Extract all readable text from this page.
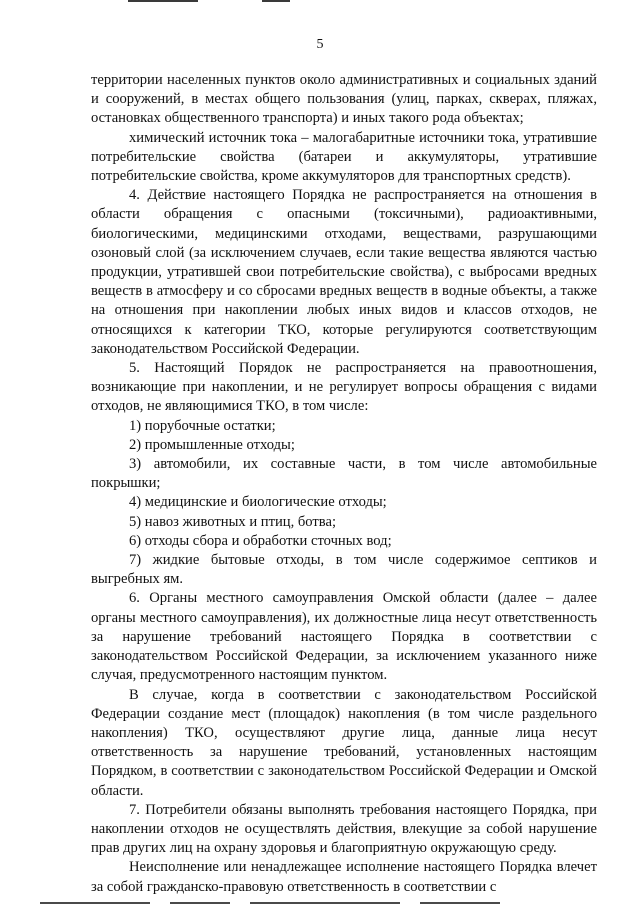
5

территории населенных пунктов около административных и социальных зданий и сооружений, в местах общего пользования (улиц, парках, скверах, пляжах, остановках общественного транспорта) и иных такого рода объектах;

химический источник тока – малогабаритные источники тока, утратившие потребительские свойства (батареи и аккумуляторы, утратившие потребительские свойства, кроме аккумуляторов для транспортных средств).

4. Действие настоящего Порядка не распространяется на отношения в области обращения с опасными (токсичными), радиоактивными, биологическими, медицинскими отходами, веществами, разрушающими озоновый слой (за исключением случаев, если такие вещества являются частью продукции, утратившей свои потребительские свойства), с выбросами вредных веществ в атмосферу и со сбросами вредных веществ в водные объекты, а также на отношения при накоплении любых иных видов и классов отходов, не относящихся к категории ТКО, которые регулируются соответствующим законодательством Российской Федерации.

5. Настоящий Порядок не распространяется на правоотношения, возникающие при накоплении, и не регулирует вопросы обращения с видами отходов, не являющимися ТКО, в том числе:

1) порубочные остатки;

2) промышленные отходы;

3) автомобили, их составные части, в том числе автомобильные покрышки;

4) медицинские и биологические отходы;

5) навоз животных и птиц, ботва;

6) отходы сбора и обработки сточных вод;

7) жидкие бытовые отходы, в том числе содержимое септиков и выгребных ям.

6. Органы местного самоуправления Омской области (далее – далее органы местного самоуправления), их должностные лица несут ответственность за нарушение требований настоящего Порядка в соответствии с законодательством Российской Федерации, за исключением указанного ниже случая, предусмотренного настоящим пунктом.

В случае, когда в соответствии с законодательством Российской Федерации создание мест (площадок) накопления (в том числе раздельного накопления) ТКО, осуществляют другие лица, данные лица несут ответственность за нарушение требований, установленных настоящим Порядком, в соответствии с законодательством Российской Федерации и Омской области.

7. Потребители обязаны выполнять требования настоящего Порядка, при накоплении отходов не осуществлять действия, влекущие за собой нарушение прав других лиц на охрану здоровья и благоприятную окружающую среду.

Неисполнение или ненадлежащее исполнение настоящего Порядка влечет за собой гражданско-правовую ответственность в соответствии с
